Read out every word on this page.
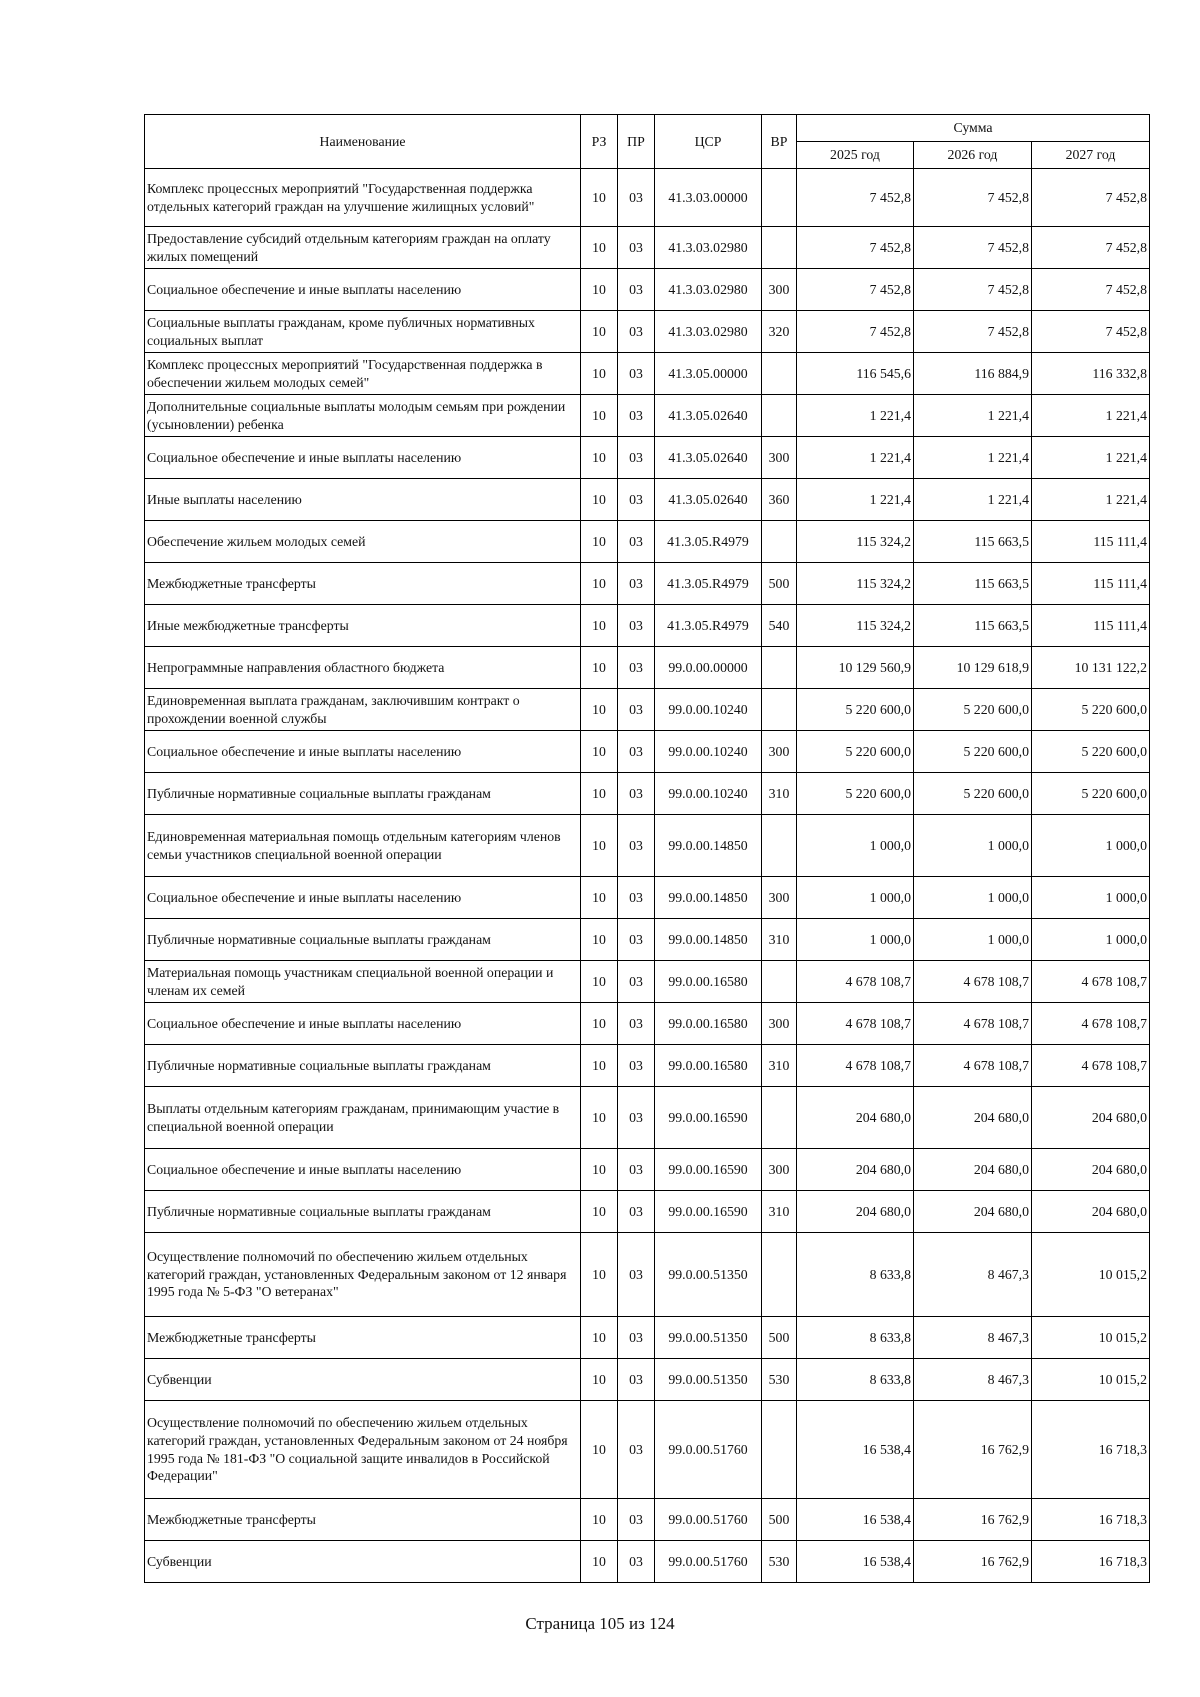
Наименование	РЗ	ПР	ЦСР	ВР	Сумма		
					2025 год	2026 год	2027 год
Комплекс процессных мероприятий "Государственная поддержка отдельных категорий граждан на улучшение жилищных условий"	10	03	41.3.03.00000		7 452,8	7 452,8	7 452,8
Предоставление субсидий отдельным категориям граждан на оплату жилых помещений	10	03	41.3.03.02980		7 452,8	7 452,8	7 452,8
Социальное обеспечение и иные выплаты населению	10	03	41.3.03.02980	300	7 452,8	7 452,8	7 452,8
Социальные выплаты гражданам, кроме публичных нормативных социальных выплат	10	03	41.3.03.02980	320	7 452,8	7 452,8	7 452,8
Комплекс процессных мероприятий "Государственная поддержка в обеспечении жильем молодых семей"	10	03	41.3.05.00000		116 545,6	116 884,9	116 332,8
Дополнительные социальные выплаты молодым семьям при рождении (усыновлении) ребенка	10	03	41.3.05.02640		1 221,4	1 221,4	1 221,4
Социальное обеспечение и иные выплаты населению	10	03	41.3.05.02640	300	1 221,4	1 221,4	1 221,4
Иные выплаты населению	10	03	41.3.05.02640	360	1 221,4	1 221,4	1 221,4
Обеспечение жильем молодых семей	10	03	41.3.05.R4979		115 324,2	115 663,5	115 111,4
Межбюджетные трансферты	10	03	41.3.05.R4979	500	115 324,2	115 663,5	115 111,4
Иные межбюджетные трансферты	10	03	41.3.05.R4979	540	115 324,2	115 663,5	115 111,4
Непрограммные направления областного бюджета	10	03	99.0.00.00000		10 129 560,9	10 129 618,9	10 131 122,2
Единовременная выплата гражданам, заключившим контракт о прохождении военной службы	10	03	99.0.00.10240		5 220 600,0	5 220 600,0	5 220 600,0
Социальное обеспечение и иные выплаты населению	10	03	99.0.00.10240	300	5 220 600,0	5 220 600,0	5 220 600,0
Публичные нормативные социальные выплаты гражданам	10	03	99.0.00.10240	310	5 220 600,0	5 220 600,0	5 220 600,0
Единовременная материальная помощь отдельным категориям членов семьи участников специальной военной операции	10	03	99.0.00.14850		1 000,0	1 000,0	1 000,0
Социальное обеспечение и иные выплаты населению	10	03	99.0.00.14850	300	1 000,0	1 000,0	1 000,0
Публичные нормативные социальные выплаты гражданам	10	03	99.0.00.14850	310	1 000,0	1 000,0	1 000,0
Материальная помощь участникам специальной военной операции и членам их семей	10	03	99.0.00.16580		4 678 108,7	4 678 108,7	4 678 108,7
Социальное обеспечение и иные выплаты населению	10	03	99.0.00.16580	300	4 678 108,7	4 678 108,7	4 678 108,7
Публичные нормативные социальные выплаты гражданам	10	03	99.0.00.16580	310	4 678 108,7	4 678 108,7	4 678 108,7
Выплаты отдельным категориям гражданам, принимающим участие в специальной военной операции	10	03	99.0.00.16590		204 680,0	204 680,0	204 680,0
Социальное обеспечение и иные выплаты населению	10	03	99.0.00.16590	300	204 680,0	204 680,0	204 680,0
Публичные нормативные социальные выплаты гражданам	10	03	99.0.00.16590	310	204 680,0	204 680,0	204 680,0
Осуществление полномочий по обеспечению жильем отдельных категорий граждан, установленных Федеральным законом от 12 января 1995 года № 5-ФЗ "О ветеранах"	10	03	99.0.00.51350		8 633,8	8 467,3	10 015,2
Межбюджетные трансферты	10	03	99.0.00.51350	500	8 633,8	8 467,3	10 015,2
Субвенции	10	03	99.0.00.51350	530	8 633,8	8 467,3	10 015,2
Осуществление полномочий по обеспечению жильем отдельных категорий граждан, установленных Федеральным законом от 24 ноября 1995 года № 181-ФЗ "О социальной защите инвалидов в Российской Федерации"	10	03	99.0.00.51760		16 538,4	16 762,9	16 718,3
Межбюджетные трансферты	10	03	99.0.00.51760	500	16 538,4	16 762,9	16 718,3
Субвенции	10	03	99.0.00.51760	530	16 538,4	16 762,9	16 718,3
Страница 105 из 124
